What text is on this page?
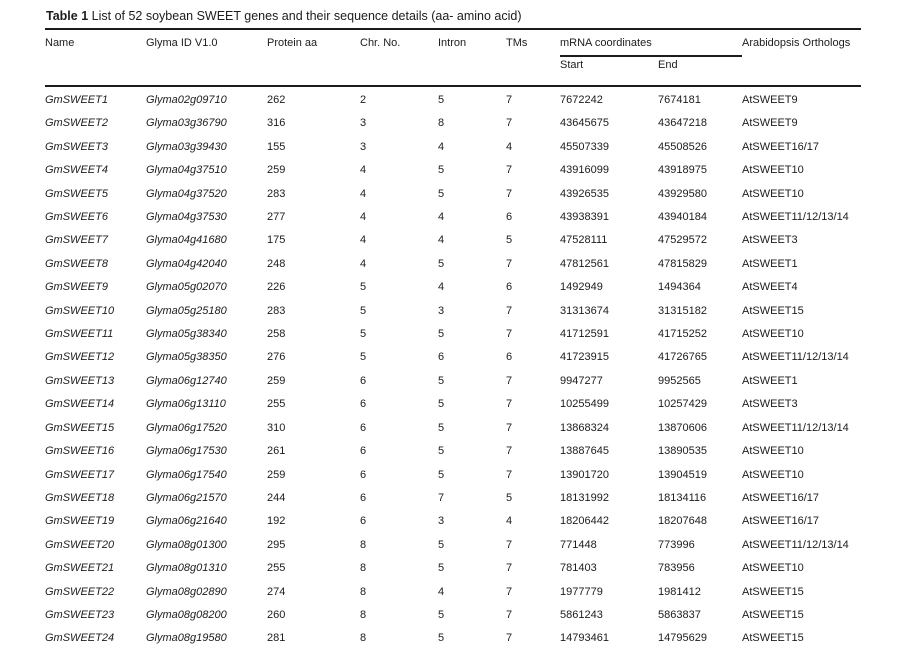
Table 1 List of 52 soybean SWEET genes and their sequence details (aa- amino acid)

Name	Glyma ID V1.0	Protein aa	Chr. No.	Intron	TMs	mRNA coordinates		Arabidopsis Orthologs
						Start	End	
GmSWEET1	Glyma02g09710	262	2	5	7	7672242	7674181	AtSWEET9
GmSWEET2	Glyma03g36790	316	3	8	7	43645675	43647218	AtSWEET9
GmSWEET3	Glyma03g39430	155	3	4	4	45507339	45508526	AtSWEET16/17
GmSWEET4	Glyma04g37510	259	4	5	7	43916099	43918975	AtSWEET10
GmSWEET5	Glyma04g37520	283	4	5	7	43926535	43929580	AtSWEET10
GmSWEET6	Glyma04g37530	277	4	4	6	43938391	43940184	AtSWEET11/12/13/14
GmSWEET7	Glyma04g41680	175	4	4	5	47528111	47529572	AtSWEET3
GmSWEET8	Glyma04g42040	248	4	5	7	47812561	47815829	AtSWEET1
GmSWEET9	Glyma05g02070	226	5	4	6	1492949	1494364	AtSWEET4
GmSWEET10	Glyma05g25180	283	5	3	7	31313674	31315182	AtSWEET15
GmSWEET11	Glyma05g38340	258	5	5	7	41712591	41715252	AtSWEET10
GmSWEET12	Glyma05g38350	276	5	6	6	41723915	41726765	AtSWEET11/12/13/14
GmSWEET13	Glyma06g12740	259	6	5	7	9947277	9952565	AtSWEET1
GmSWEET14	Glyma06g13110	255	6	5	7	10255499	10257429	AtSWEET3
GmSWEET15	Glyma06g17520	310	6	5	7	13868324	13870606	AtSWEET11/12/13/14
GmSWEET16	Glyma06g17530	261	6	5	7	13887645	13890535	AtSWEET10
GmSWEET17	Glyma06g17540	259	6	5	7	13901720	13904519	AtSWEET10
GmSWEET18	Glyma06g21570	244	6	7	5	18131992	18134116	AtSWEET16/17
GmSWEET19	Glyma06g21640	192	6	3	4	18206442	18207648	AtSWEET16/17
GmSWEET20	Glyma08g01300	295	8	5	7	771448	773996	AtSWEET11/12/13/14
GmSWEET21	Glyma08g01310	255	8	5	7	781403	783956	AtSWEET10
GmSWEET22	Glyma08g02890	274	8	4	7	1977779	1981412	AtSWEET15
GmSWEET23	Glyma08g08200	260	8	5	7	5861243	5863837	AtSWEET15
GmSWEET24	Glyma08g19580	281	8	5	7	14793461	14795629	AtSWEET15
